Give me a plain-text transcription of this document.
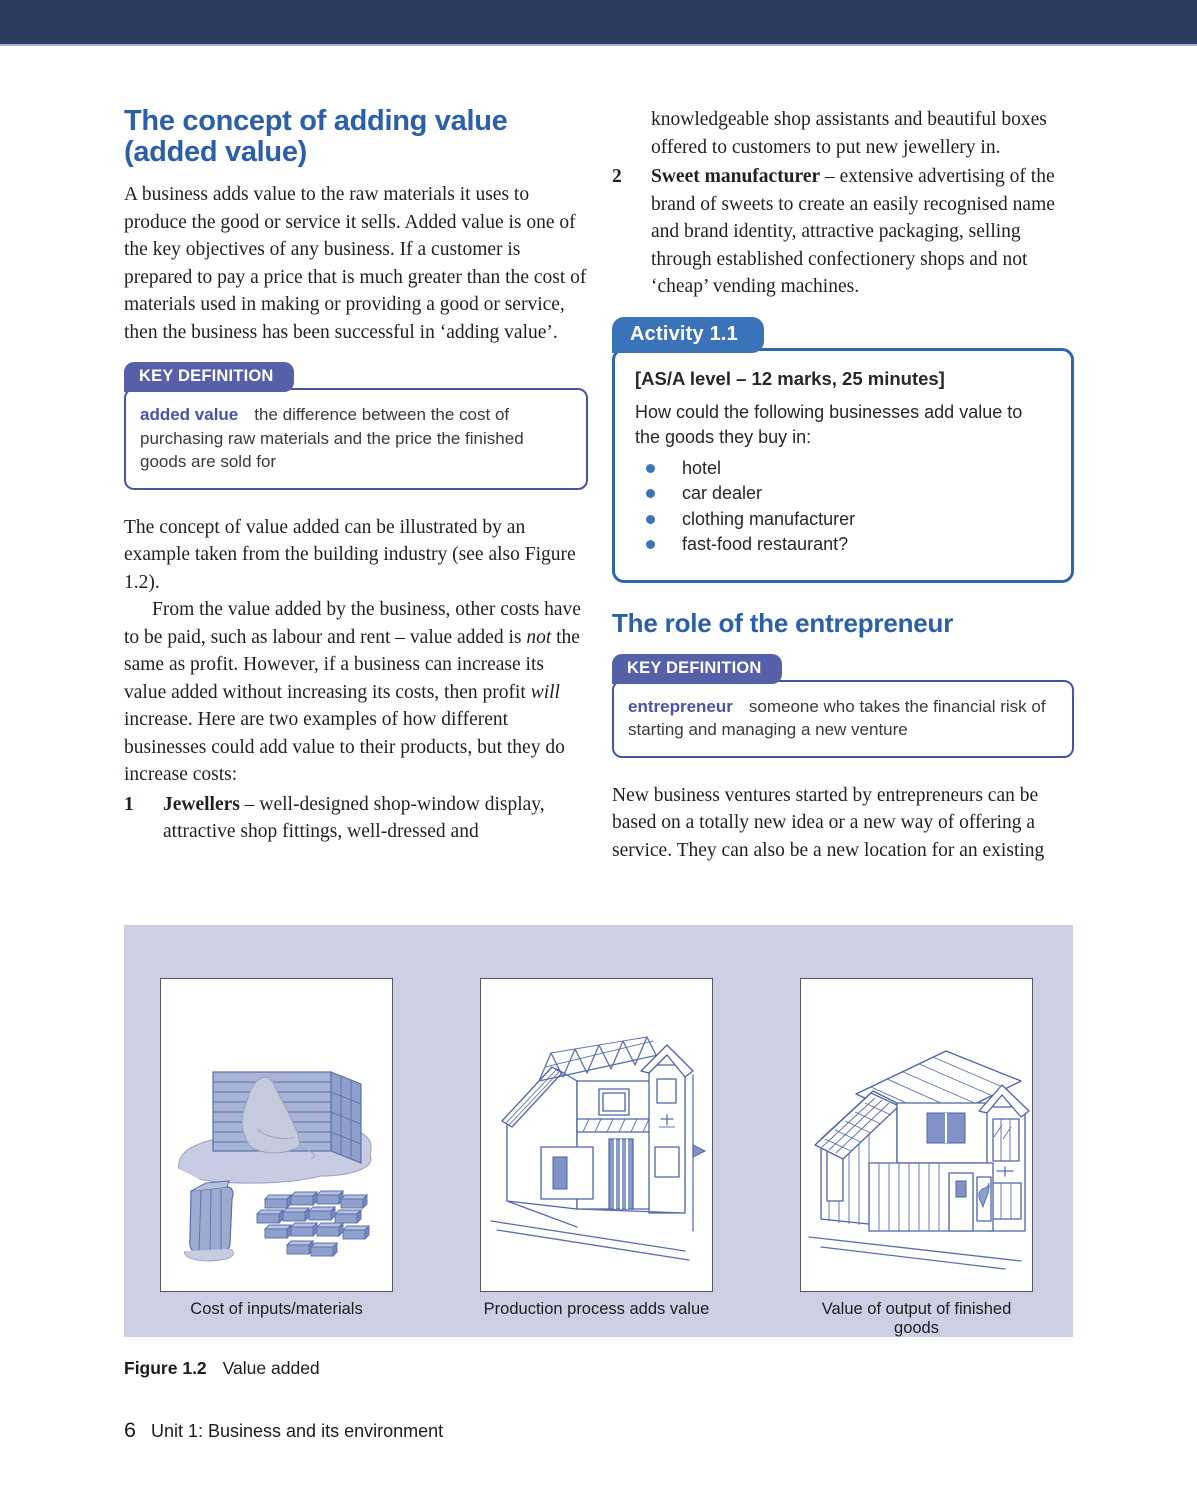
The concept of adding value
(added value)

A business adds value to the raw materials it uses to produce the good or service it sells. Added value is one of the key objectives of any business. If a customer is prepared to pay a price that is much greater than the cost of materials used in making or providing a good or service, then the business has been successful in ‘adding value’.

KEY DEFINITION
added value the difference between the cost of purchasing raw materials and the price the finished goods are sold for

The concept of value added can be illustrated by an example taken from the building industry (see also Figure 1.2).

From the value added by the business, other costs have to be paid, such as labour and rent – value added is not the same as profit. However, if a business can increase its value added without increasing its costs, then profit will increase. Here are two examples of how different businesses could add value to their products, but they do increase costs:

1	Jewellers – well-designed shop-window display, attractive shop fittings, well-dressed and

knowledgeable shop assistants and beautiful boxes offered to customers to put new jewellery in.

2	Sweet manufacturer – extensive advertising of the brand of sweets to create an easily recognised name and brand identity, attractive packaging, selling through established confectionery shops and not ‘cheap’ vending machines.
Activity 1.1
[AS/A level – 12 marks, 25 minutes]
How could the following businesses add value to the goods they buy in:
hotel
car dealer
clothing manufacturer
fast-food restaurant?
The role of the entrepreneur
KEY DEFINITION
entrepreneur someone who takes the financial risk of starting and managing a new venture

New business ventures started by entrepreneurs can be based on a totally new idea or a new way of offering a service. They can also be a new location for an existing

Cost of inputs/materials	Production process adds value	Value of output of finished goods
Figure 1.2 Value added
6 Unit 1: Business and its environment
